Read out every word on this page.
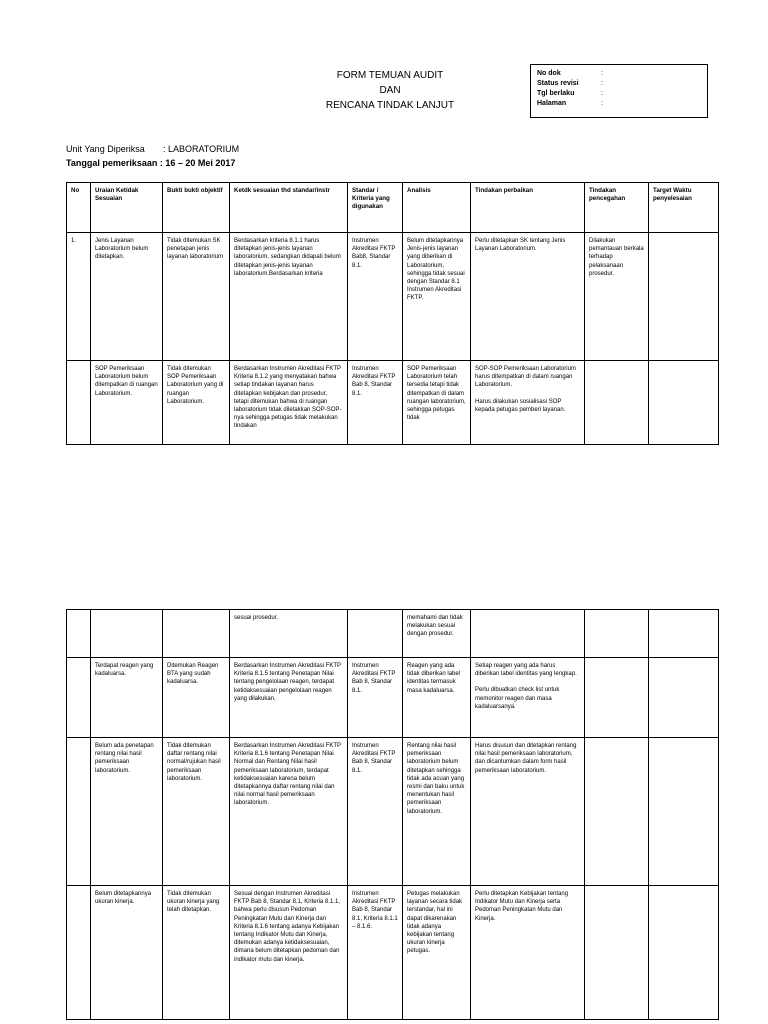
FORM TEMUAN AUDIT
DAN
RENCANA TINDAK LANJUT
No dok	:
Status revisi	:
Tgl berlaku	:
Halaman	:
Unit Yang Diperiksa	: LABORATORIUM
Tanggal pemeriksaan : 16 – 20 Mei 2017
No	Uraian Ketidak Sesuaian	Bukti bukti objektif	Ketdk sesuaian thd standar/instr	Standar / Kriteria yang digunakan	Analisis	Tindakan perbaikan	Tindakan pencegahan	Target Waktu penyelesaian
1.	Jenis Layanan Laboratorium belum ditetapkan.	Tidak ditemukan SK penetapan jenis layanan laboratorium	Berdasarkan kriteria 8.1.1 harus ditetapkan jenis-jenis layanan laboratorium, sedangkan didapati belum ditetapkan jenis-jenis layanan laboratorium.Berdasarkan kriteria	Instrumen Akreditasi FKTP Bab8, Standar 8.1.	Belum ditetapkannya Jenis-jenis layanan yang diberikan di Laboratorium, sehingga tidak sesuai dengan Standar 8.1 Instrumen Akreditasi FKTP.	Perlu ditetapkan SK tentang Jenis Layanan Laboratorium.	Dilakukan pemantauan berkala terhadap pelaksanaan prosedur.	
	SOP Pemeriksaan Laboratorium belum ditempatkan di ruangan Laboratorium.	Tidak ditemukan SOP Pemeriksaan Laboratorium yang di ruangan Laboratorium.	Berdasarkan Instrumen Akreditasi FKTP Kriteria 8.1.2 yang menyatakan bahwa setiap tindakan layanan harus ditetapkan kebijakan dan prosedur, tetapi ditemukan bahwa di ruangan laboratorium tidak diletakkan SOP-SOP-nya sehingga petugas tidak melakukan tindakan	Instrumen Akreditasi FKTP Bab 8, Standar 8.1.	SOP Pemeriksaan Laboratorium telah tersedia tetapi tidak ditempatkan di dalam ruangan laboratorium, sehingga petugas tidak	SOP-SOP Pemeriksaan Laboratorium harus ditempatkan di dalam ruangan Laboratorium.
Harus dilakukan sosialisasi SOP kepada petugas pemberi layanan.		

			sesuai prosedur.		memahami dan tidak melakukan sesuai dengan prosedur.			
	Terdapat reagen yang kadaluarsa.	Ditemukan Reagen BTA yang sudah kadaluarsa.	Berdasarkan Instrumen Akreditasi FKTP Kriteria 8.1.5 tentang Penetapan Nilai tentang pengelolaan reagen, terdapat ketidaksesuaian pengelolaan reagen yang dilakukan.	Instrumen Akreditasi FKTP Bab 8, Standar 8.1.	Reagen yang ada tidak diberikan label identitas termasuk masa kadaluarsa.	Setiap reagen yang ada harus diberikan label identitas yang lengkap.
Perlu dibuatkan check list untuk memonitor reagen dan masa kadaluarsanya.		

	Belum ada penetapan rentang nilai hasil pemeriksaan laboratorium.	Tidak ditemukan daftar rentang nilai normal/rujukan hasil pemeriksaan laboratorium.	Berdasarkan Instrumen Akreditasi FKTP Kriteria 8.1.6 tentang Penetapan Nilai Normal dan Rentang Nilai hasil pemeriksaan laboratorium, terdapat ketidaksesuaian karena belum ditetapkannya daftar rentang nilai dan nilai normal hasil pemeriksaan laboratorium.	Instrumen Akreditasi FKTP Bab 8, Standar 8.1.	Rentang nilai hasil pemeriksaan laboratorium belum ditetapkan sehingga tidak ada acuan yang resmi dan baku untuk menentukan hasil pemeriksaan laboratorium.	Harus disusun dan ditetapkan rentang nilai hasil pemeriksaan laboratorium, dan dicantumkan dalam form hasil pemeriksaan laboratorium.		

	Belum ditetapkannya ukuran kinerja.	Tidak ditemukan ukuran kinerja yang telah ditetapkan.	Sesuai dengan Instrumen Akreditasi FKTP Bab 8, Standar 8.1, Kriteria 8.1.1, bahwa perlu disusun Pedoman Peningkatan Mutu dan Kinerja dan Kriteria 8.1.6 tentang adanya Kebijakan tentang Indikator Mutu dan Kinerja, ditemukan adanya ketidaksesuaian, dimana belum ditetapkan pedoman dan indikator mutu dan kinerja.	Instrumen Akreditasi FKTP Bab 8, Standar 8.1, Kriteria 8.1.1 – 8.1.6.	Petugas melakukan layanan secara tidak terstandar, hal ini dapat dikarenakan tidak adanya kebijakan tentang ukuran kinerja petugas.	Perlu ditetapkan Kebijakan tentang Indikator Mutu dan Kinerja serta Pedoman Peningkatan Mutu dan Kinerja.		
